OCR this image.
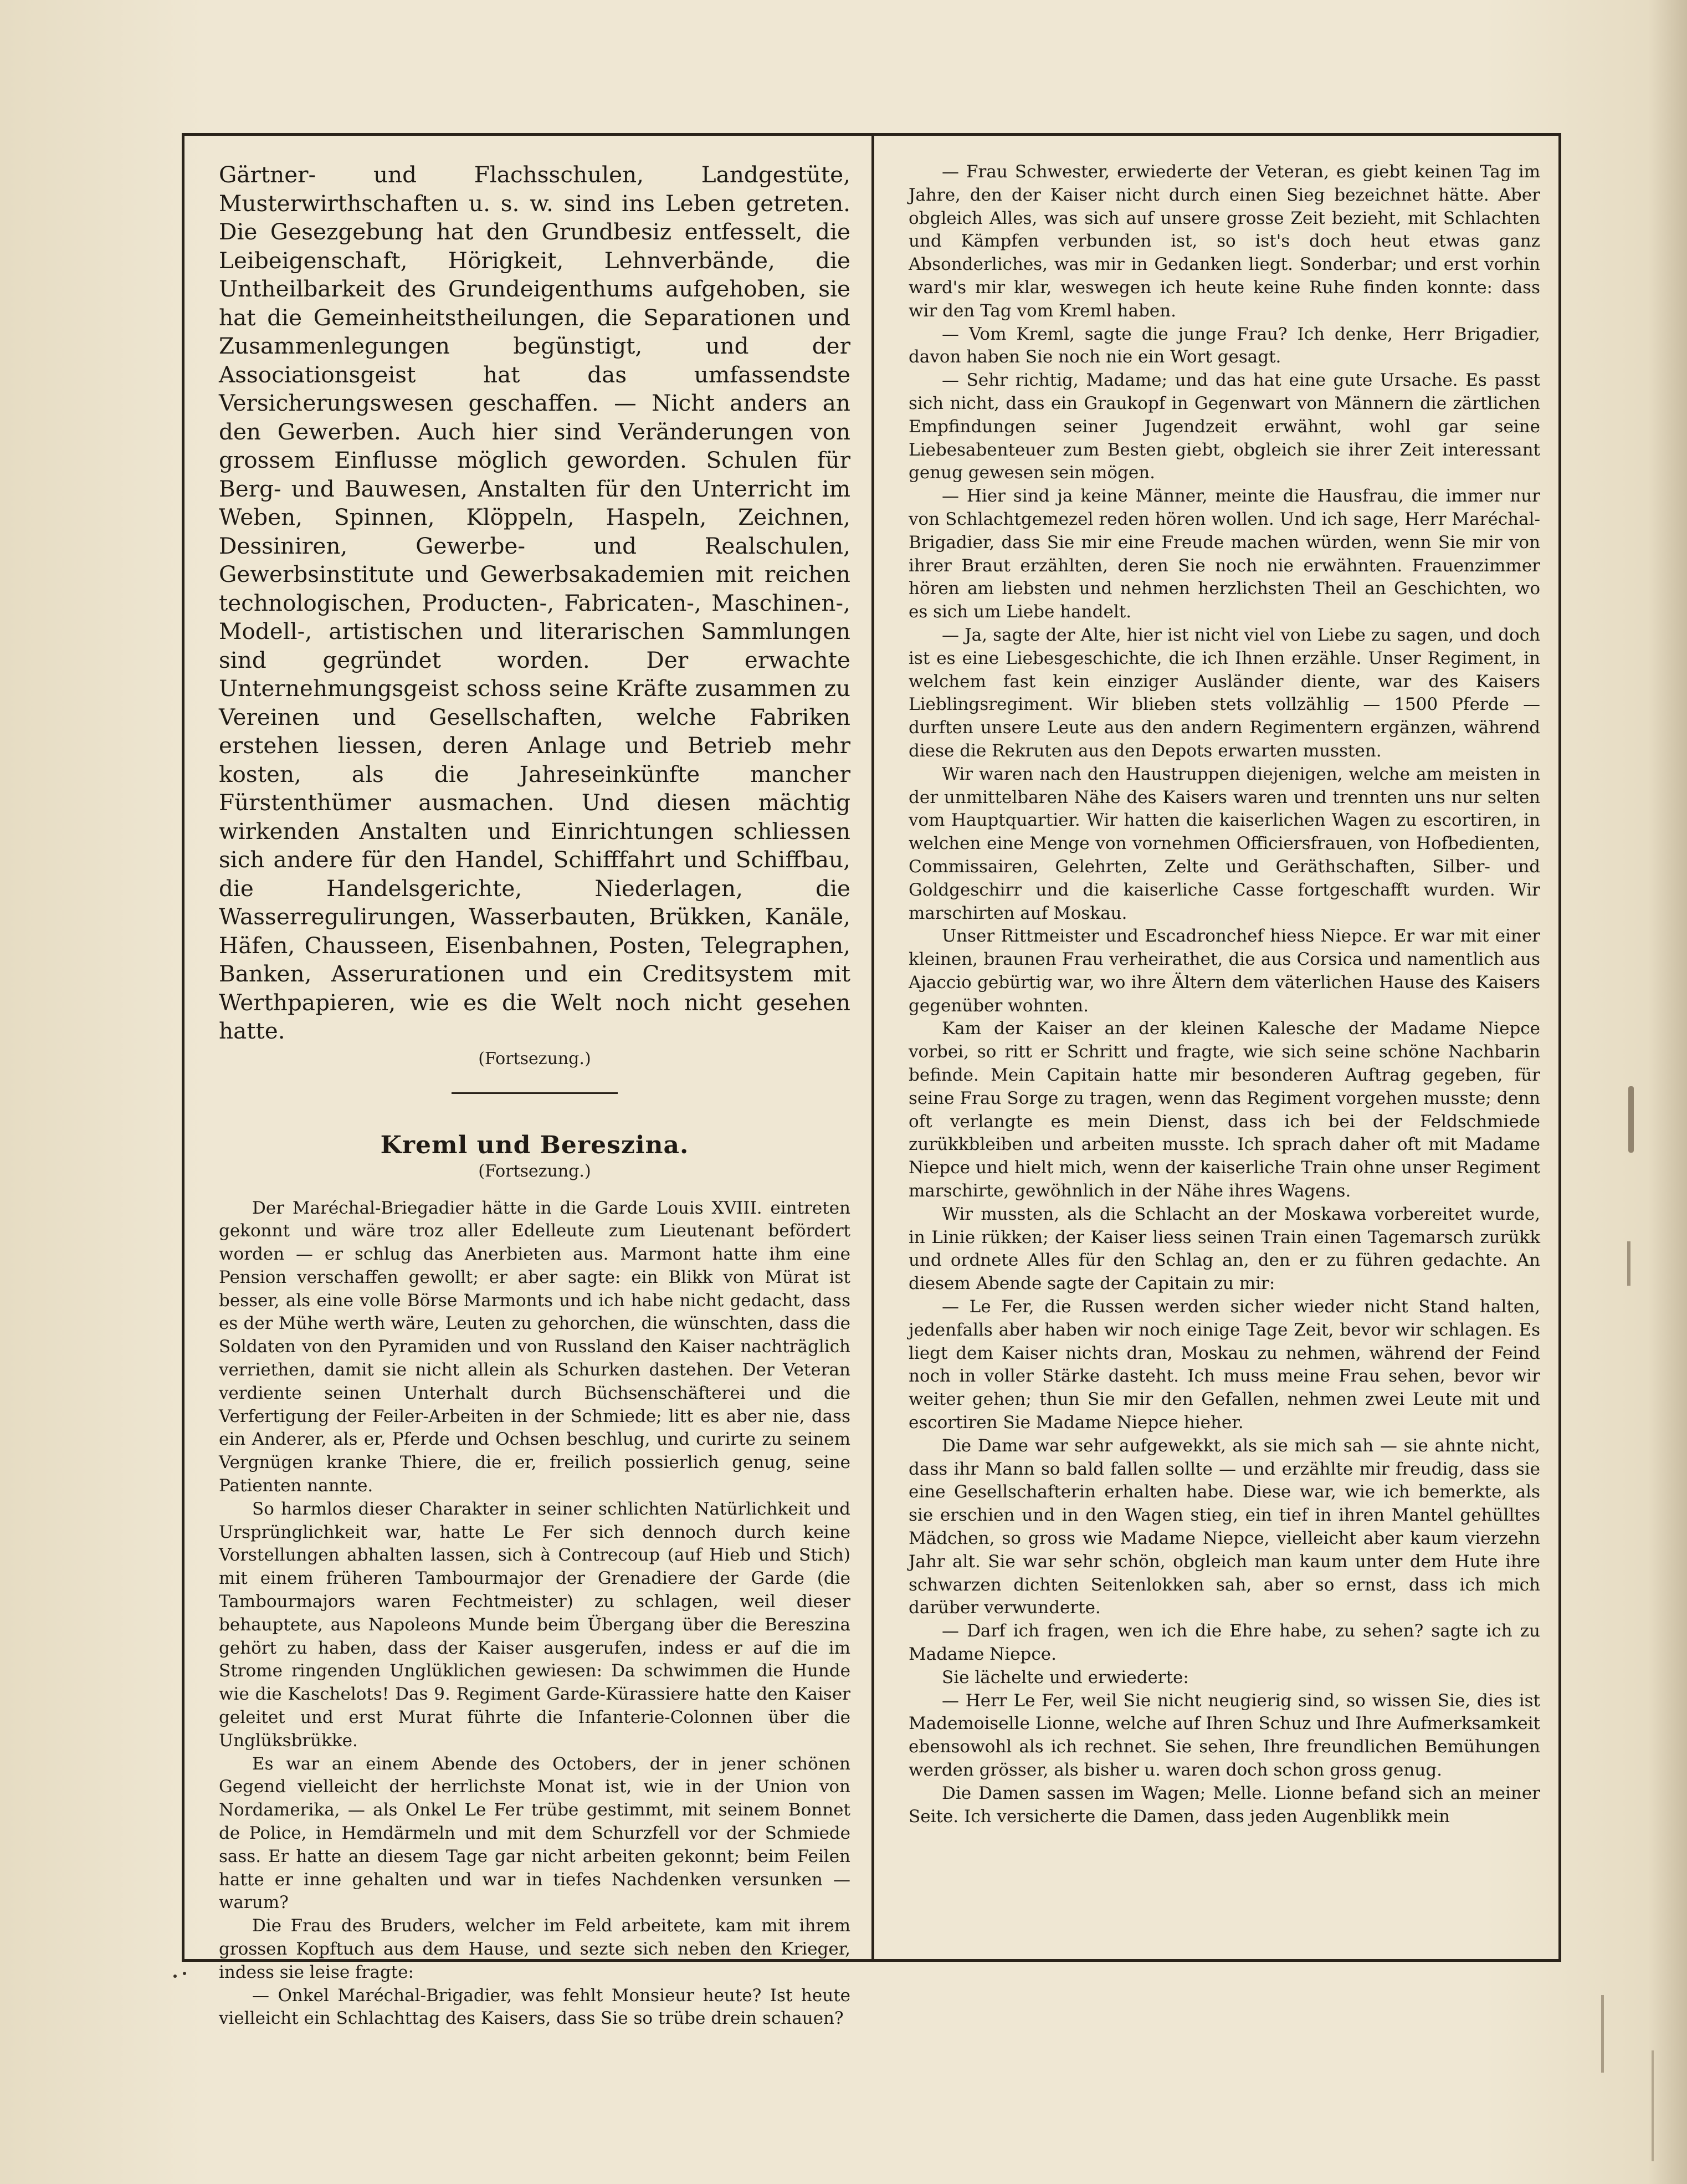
Gärtner- und Flachsschulen, Landgestüte, Musterwirthschaften u. s. w. sind ins Leben getreten. Die Gesezgebung hat den Grundbesiz entfesselt, die Leibeigenschaft, Hörigkeit, Lehnverbände, die Untheilbarkeit des Grundeigenthums aufgehoben, sie hat die Gemeinheitstheilungen, die Separationen und Zusammenlegungen begünstigt, und der Associationsgeist hat das umfassendste Versicherungswesen geschaffen. — Nicht anders an den Gewerben. Auch hier sind Veränderungen von grossem Einflusse möglich geworden. Schulen für Berg- und Bauwesen, Anstalten für den Unterricht im Weben, Spinnen, Klöppeln, Haspeln, Zeichnen, Dessiniren, Gewerbe- und Realschulen, Gewerbsinstitute und Gewerbsakademien mit reichen technologischen, Producten-, Fabricaten-, Maschinen-, Modell-, artistischen und literarischen Sammlungen sind gegründet worden. Der erwachte Unternehmungsgeist schoss seine Kräfte zusammen zu Vereinen und Gesellschaften, welche Fabriken erstehen liessen, deren Anlage und Betrieb mehr kosten, als die Jahreseinkünfte mancher Fürstenthümer ausmachen. Und diesen mächtig wirkenden Anstalten und Einrichtungen schliessen sich andere für den Handel, Schifffahrt und Schiffbau, die Handelsgerichte, Niederlagen, die Wasserregulirungen, Wasserbauten, Brükken, Kanäle, Häfen, Chausseen, Eisenbahnen, Posten, Telegraphen, Banken, Asserurationen und ein Creditsystem mit Werthpapieren, wie es die Welt noch nicht gesehen hatte.

(Fortsezung.)

Kreml und Bereszina.
(Fortsezung.)

Der Maréchal-Briegadier hätte in die Garde Louis XVIII. eintreten gekonnt und wäre troz aller Edelleute zum Lieutenant befördert worden — er schlug das Anerbieten aus. Marmont hatte ihm eine Pension verschaffen gewollt; er aber sagte: ein Blikk von Mürat ist besser, als eine volle Börse Marmonts und ich habe nicht gedacht, dass es der Mühe werth wäre, Leuten zu gehorchen, die wünschten, dass die Soldaten von den Pyramiden und von Russland den Kaiser nachträglich verriethen, damit sie nicht allein als Schurken dastehen. Der Veteran verdiente seinen Unterhalt durch Büchsenschäfterei und die Verfertigung der Feiler-Arbeiten in der Schmiede; litt es aber nie, dass ein Anderer, als er, Pferde und Ochsen beschlug, und curirte zu seinem Vergnügen kranke Thiere, die er, freilich possierlich genug, seine Patienten nannte.

So harmlos dieser Charakter in seiner schlichten Natürlichkeit und Ursprünglichkeit war, hatte Le Fer sich dennoch durch keine Vorstellungen abhalten lassen, sich à Contrecoup (auf Hieb und Stich) mit einem früheren Tambourmajor der Grenadiere der Garde (die Tambourmajors waren Fechtmeister) zu schlagen, weil dieser behauptete, aus Napoleons Munde beim Übergang über die Bereszina gehört zu haben, dass der Kaiser ausgerufen, indess er auf die im Strome ringenden Unglüklichen gewiesen: Da schwimmen die Hunde wie die Kaschelots! Das 9. Regiment Garde-Kürassiere hatte den Kaiser geleitet und erst Murat führte die Infanterie-Colonnen über die Unglüksbrükke.

Es war an einem Abende des Octobers, der in jener schönen Gegend vielleicht der herrlichste Monat ist, wie in der Union von Nordamerika, — als Onkel Le Fer trübe gestimmt, mit seinem Bonnet de Police, in Hemdärmeln und mit dem Schurzfell vor der Schmiede sass. Er hatte an diesem Tage gar nicht arbeiten gekonnt; beim Feilen hatte er inne gehalten und war in tiefes Nachdenken versunken — warum?

Die Frau des Bruders, welcher im Feld arbeitete, kam mit ihrem grossen Kopftuch aus dem Hause, und sezte sich neben den Krieger, indess sie leise fragte:

— Onkel Maréchal-Brigadier, was fehlt Monsieur heute? Ist heute vielleicht ein Schlachttag des Kaisers, dass Sie so trübe drein schauen?

— Frau Schwester, erwiederte der Veteran, es giebt keinen Tag im Jahre, den der Kaiser nicht durch einen Sieg bezeichnet hätte. Aber obgleich Alles, was sich auf unsere grosse Zeit bezieht, mit Schlachten und Kämpfen verbunden ist, so ist's doch heut etwas ganz Absonderliches, was mir in Gedanken liegt. Sonderbar; und erst vorhin ward's mir klar, weswegen ich heute keine Ruhe finden konnte: dass wir den Tag vom Kreml haben.

— Vom Kreml, sagte die junge Frau? Ich denke, Herr Brigadier, davon haben Sie noch nie ein Wort gesagt.

— Sehr richtig, Madame; und das hat eine gute Ursache. Es passt sich nicht, dass ein Graukopf in Gegenwart von Männern die zärtlichen Empfindungen seiner Jugendzeit erwähnt, wohl gar seine Liebesabenteuer zum Besten giebt, obgleich sie ihrer Zeit interessant genug gewesen sein mögen.

— Hier sind ja keine Männer, meinte die Hausfrau, die immer nur von Schlachtgemezel reden hören wollen. Und ich sage, Herr Maréchal-Brigadier, dass Sie mir eine Freude machen würden, wenn Sie mir von ihrer Braut erzählten, deren Sie noch nie erwähnten. Frauenzimmer hören am liebsten und nehmen herzlichsten Theil an Geschichten, wo es sich um Liebe handelt.

— Ja, sagte der Alte, hier ist nicht viel von Liebe zu sagen, und doch ist es eine Liebesgeschichte, die ich Ihnen erzähle. Unser Regiment, in welchem fast kein einziger Ausländer diente, war des Kaisers Lieblingsregiment. Wir blieben stets vollzählig — 1500 Pferde — durften unsere Leute aus den andern Regimentern ergänzen, während diese die Rekruten aus den Depots erwarten mussten.

Wir waren nach den Haustruppen diejenigen, welche am meisten in der unmittelbaren Nähe des Kaisers waren und trennten uns nur selten vom Hauptquartier. Wir hatten die kaiserlichen Wagen zu escortiren, in welchen eine Menge von vornehmen Officiersfrauen, von Hofbedienten, Commissairen, Gelehrten, Zelte und Geräthschaften, Silber- und Goldgeschirr und die kaiserliche Casse fortgeschafft wurden. Wir marschirten auf Moskau.

Unser Rittmeister und Escadronchef hiess Niepce. Er war mit einer kleinen, braunen Frau verheirathet, die aus Corsica und namentlich aus Ajaccio gebürtig war, wo ihre Ältern dem väterlichen Hause des Kaisers gegenüber wohnten.

Kam der Kaiser an der kleinen Kalesche der Madame Niepce vorbei, so ritt er Schritt und fragte, wie sich seine schöne Nachbarin befinde. Mein Capitain hatte mir besonderen Auftrag gegeben, für seine Frau Sorge zu tragen, wenn das Regiment vorgehen musste; denn oft verlangte es mein Dienst, dass ich bei der Feldschmiede zurükkbleiben und arbeiten musste. Ich sprach daher oft mit Madame Niepce und hielt mich, wenn der kaiserliche Train ohne unser Regiment marschirte, gewöhnlich in der Nähe ihres Wagens.

Wir mussten, als die Schlacht an der Moskawa vorbereitet wurde, in Linie rükken; der Kaiser liess seinen Train einen Tagemarsch zurükk und ordnete Alles für den Schlag an, den er zu führen gedachte. An diesem Abende sagte der Capitain zu mir:

— Le Fer, die Russen werden sicher wieder nicht Stand halten, jedenfalls aber haben wir noch einige Tage Zeit, bevor wir schlagen. Es liegt dem Kaiser nichts dran, Moskau zu nehmen, während der Feind noch in voller Stärke dasteht. Ich muss meine Frau sehen, bevor wir weiter gehen; thun Sie mir den Gefallen, nehmen zwei Leute mit und escortiren Sie Madame Niepce hieher.

Die Dame war sehr aufgewekkt, als sie mich sah — sie ahnte nicht, dass ihr Mann so bald fallen sollte — und erzählte mir freudig, dass sie eine Gesellschafterin erhalten habe. Diese war, wie ich bemerkte, als sie erschien und in den Wagen stieg, ein tief in ihren Mantel gehülltes Mädchen, so gross wie Madame Niepce, vielleicht aber kaum vierzehn Jahr alt. Sie war sehr schön, obgleich man kaum unter dem Hute ihre schwarzen dichten Seitenlokken sah, aber so ernst, dass ich mich darüber verwunderte.

— Darf ich fragen, wen ich die Ehre habe, zu sehen? sagte ich zu Madame Niepce.

Sie lächelte und erwiederte:

— Herr Le Fer, weil Sie nicht neugierig sind, so wissen Sie, dies ist Mademoiselle Lionne, welche auf Ihren Schuz und Ihre Aufmerksamkeit ebensowohl als ich rechnet. Sie sehen, Ihre freundlichen Bemühungen werden grösser, als bisher u. waren doch schon gross genug.

Die Damen sassen im Wagen; Melle. Lionne befand sich an meiner Seite. Ich versicherte die Damen, dass jeden Augenblikk mein
